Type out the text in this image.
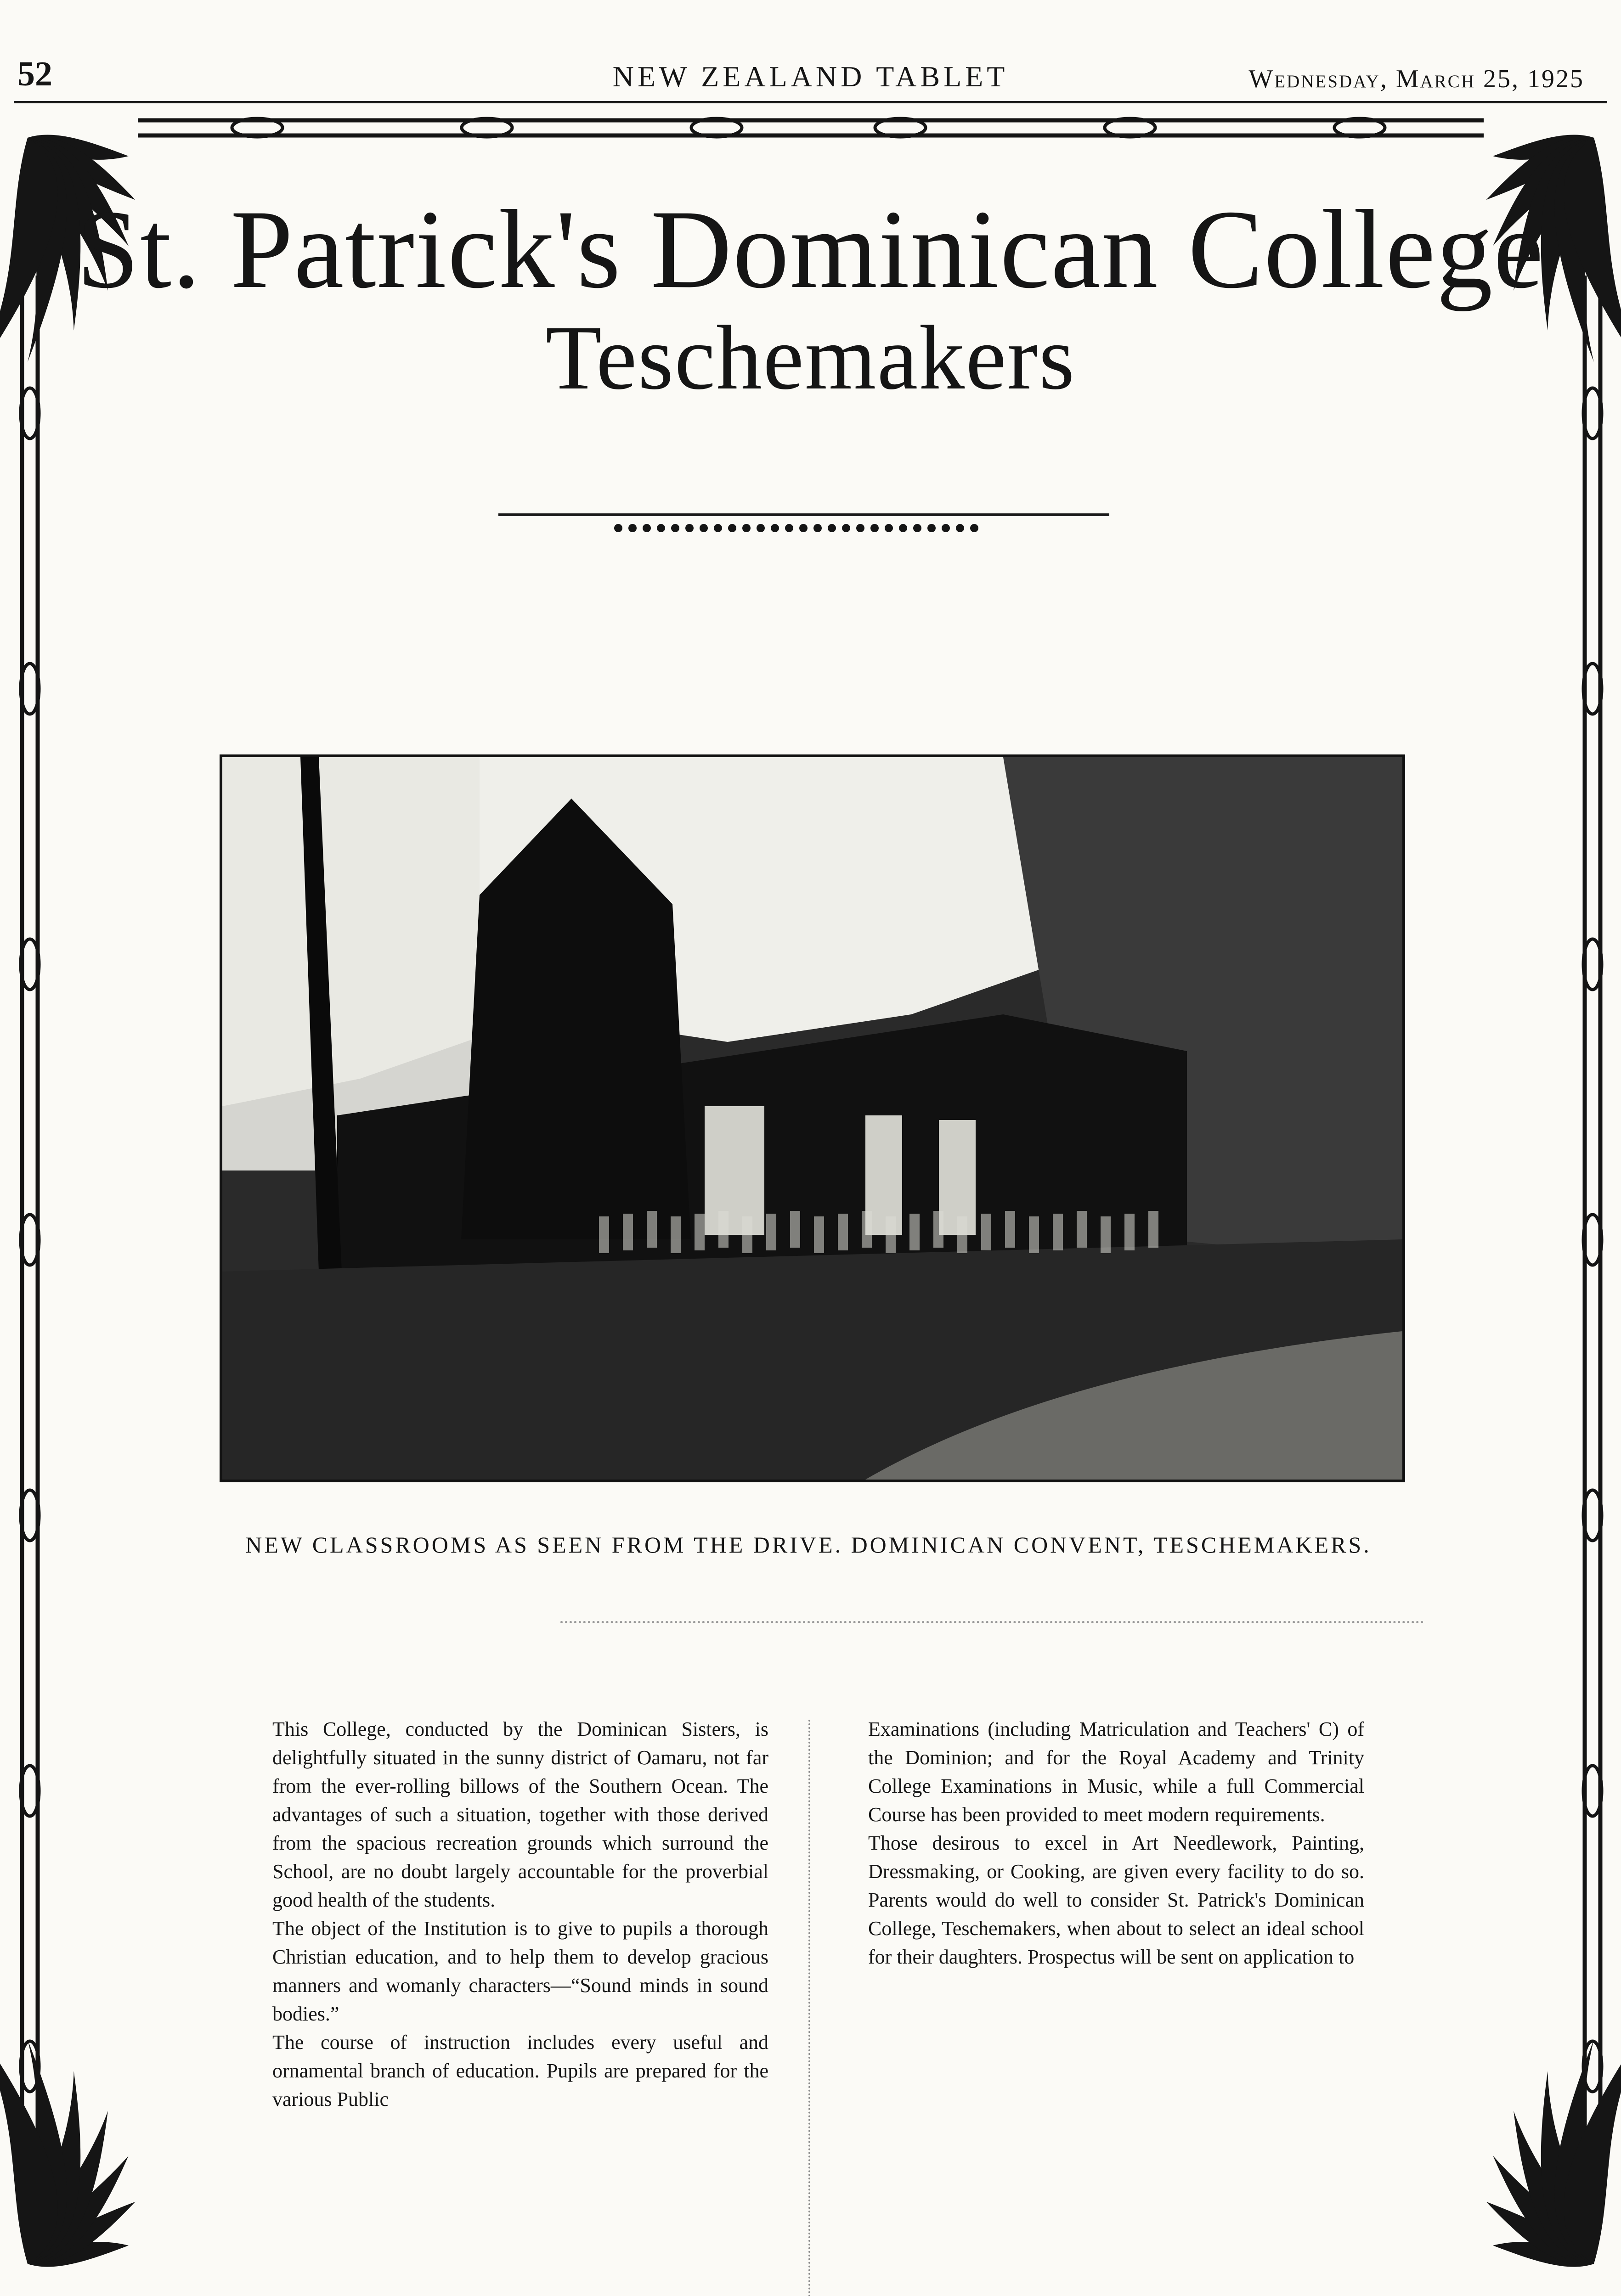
52	NEW ZEALAND TABLET	Wednesday, March 25, 1925
St. Patrick's Dominican College
Teschemakers
NEW CLASSROOMS AS SEEN FROM THE DRIVE. DOMINICAN CONVENT, TESCHEMAKERS.

This College, conducted by the Dominican Sisters, is delightfully situated in the sunny district of Oamaru, not far from the ever-rolling billows of the Southern Ocean. The advantages of such a situation, together with those derived from the spacious recreation grounds which surround the School, are no doubt largely accountable for the proverbial good health of the students.

The object of the Institution is to give to pupils a thorough Christian education, and to help them to develop gracious manners and womanly characters—“Sound minds in sound bodies.”

The course of instruction includes every useful and ornamental branch of education. Pupils are prepared for the various Public

Examinations (including Matriculation and Teachers' C) of the Dominion; and for the Royal Academy and Trinity College Examinations in Music, while a full Commercial Course has been provided to meet modern requirements.

Those desirous to excel in Art Needlework, Painting, Dressmaking, or Cooking, are given every facility to do so. Parents would do well to consider St. Patrick's Dominican College, Teschemakers, when about to select an ideal school for their daughters. Prospectus will be sent on application to
